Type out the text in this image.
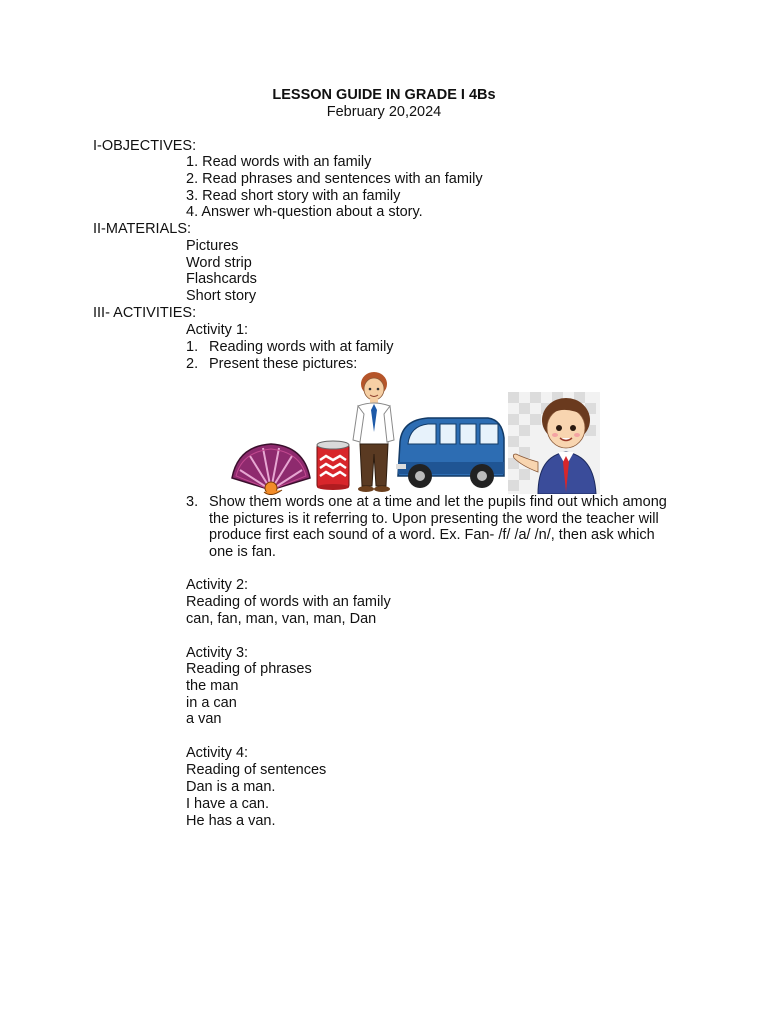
LESSON GUIDE IN GRADE I 4Bs
February 20,2024
I-OBJECTIVES:
1. Read words with an family
2. Read phrases and sentences with an family
3. Read short story with an family
4. Answer wh-question about a story.
II-MATERIALS:
Pictures
Word strip
Flashcards
Short story
III- ACTIVITIES:
Activity 1:
1. Reading words with at family
2. Present these pictures:
3. Show them words one at a time and let the pupils find out which among the pictures is it referring to. Upon presenting the word the teacher will produce first each sound of a word. Ex. Fan- /f/ /a/ /n/, then ask which one is fan.
Activity 2:
Reading of words with an family
can, fan, man, van, man, Dan
Activity 3:
Reading of phrases
the man
in a can
a van
Activity 4:
Reading of sentences
Dan is a man.
I have a can.
He has a van.
